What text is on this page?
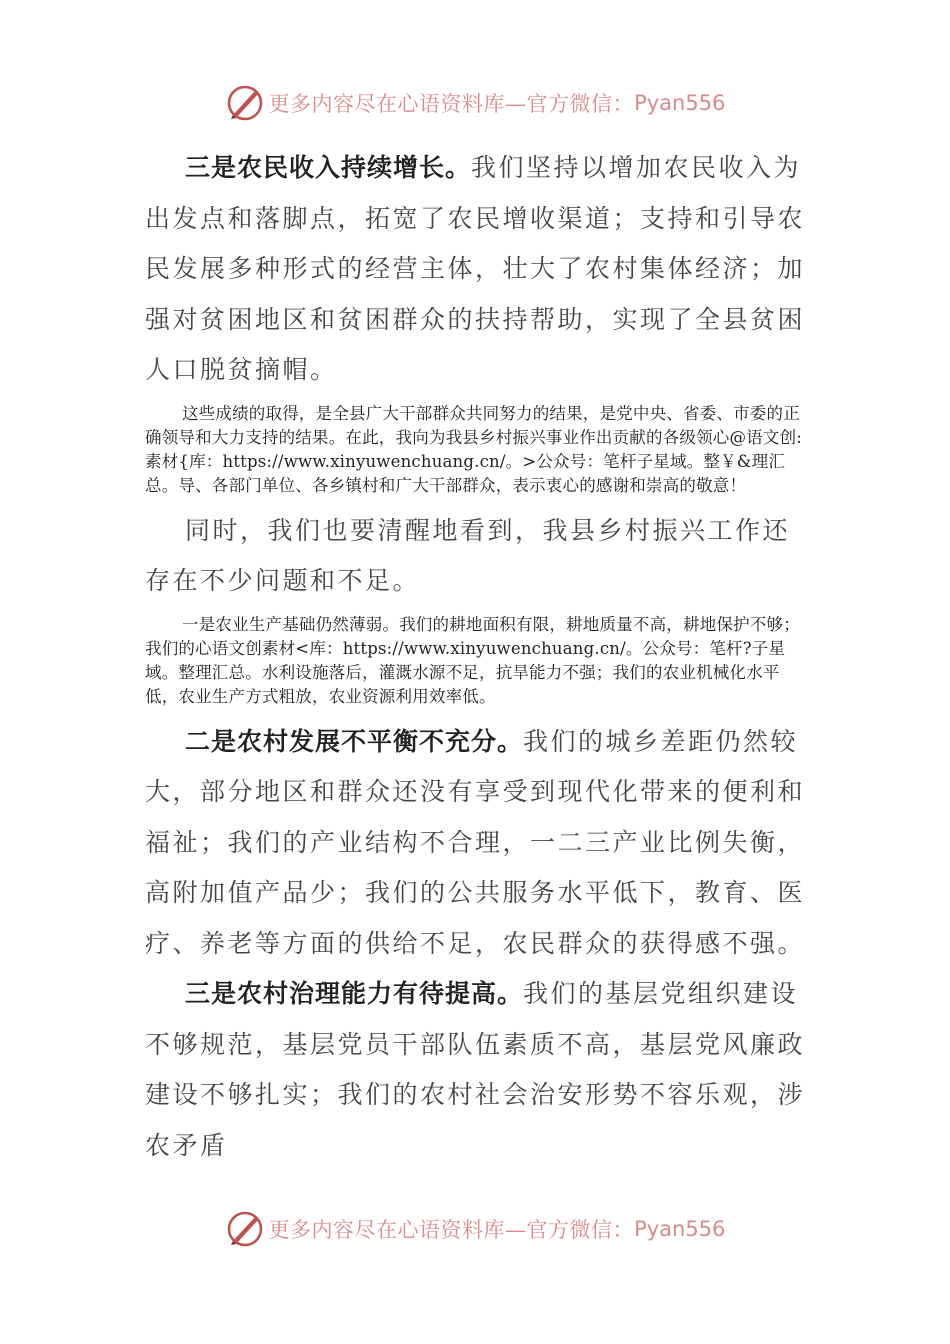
更多内容尽在心语资料库—官方微信： Pyan556

三是农民收入持续增长。我们坚持以增加农民收入为出发点和落脚点，拓宽了农民增收渠道；支持和引导农民发展多种形式的经营主体，壮大了农村集体经济；加强对贫困地区和贫困群众的扶持帮助，实现了全县贫困人口脱贫摘帽。

这些成绩的取得，是全县广大干部群众共同努力的结果，是党中央、省委、市委的正确领导和大力支持的结果。在此，我向为我县乡村振兴事业作出贡献的各级领心@语文创:素材{库：https://www.xinyuwenchuang.cn/。>公众号：笔杆子星域。整￥&理汇总。导、各部门单位、各乡镇村和广大干部群众，表示衷心的感谢和崇高的敬意！

同时，我们也要清醒地看到，我县乡村振兴工作还存在不少问题和不足。

一是农业生产基础仍然薄弱。我们的耕地面积有限，耕地质量不高，耕地保护不够；我们的心语文创素材<库：https://www.xinyuwenchuang.cn/。公众号：笔杆?子星域。整理汇总。水利设施落后，灌溉水源不足，抗旱能力不强；我们的农业机械化水平低，农业生产方式粗放，农业资源利用效率低。

二是农村发展不平衡不充分。我们的城乡差距仍然较大，部分地区和群众还没有享受到现代化带来的便利和福祉；我们的产业结构不合理，一二三产业比例失衡，高附加值产品少；我们的公共服务水平低下，教育、医疗、养老等方面的供给不足，农民群众的获得感不强。

三是农村治理能力有待提高。我们的基层党组织建设不够规范，基层党员干部队伍素质不高，基层党风廉政建设不够扎实；我们的农村社会治安形势不容乐观，涉农矛盾

更多内容尽在心语资料库—官方微信： Pyan556
